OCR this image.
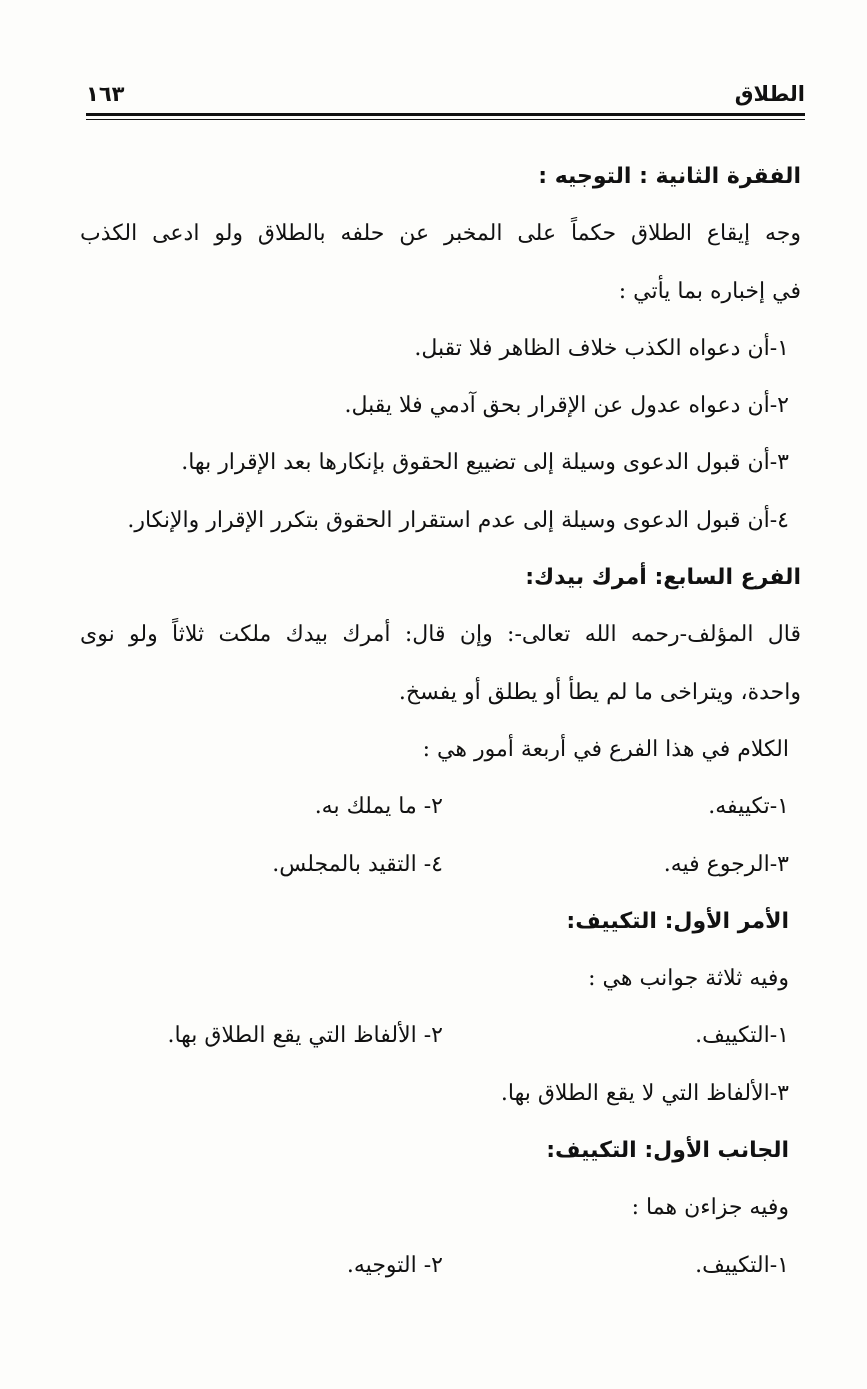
الطلاق
١٦٣
الفقرة الثانية : التوجيه :
وجه إيقاع الطلاق حكماً على المخبر عن حلفه بالطلاق ولو ادعى الكذب
في إخباره بما يأتي :
١-أن دعواه الكذب خلاف الظاهر فلا تقبل.
٢-أن دعواه عدول عن الإقرار بحق آدمي فلا يقبل.
٣-أن قبول الدعوى وسيلة إلى تضييع الحقوق بإنكارها بعد الإقرار بها.
٤-أن قبول الدعوى وسيلة إلى عدم استقرار الحقوق بتكرر الإقرار والإنكار.
الفرع السابع: أمرك بيدك:
قال المؤلف-رحمه الله تعالى-: وإن قال: أمرك بيدك ملكت ثلاثاً ولو نوى
واحدة، ويتراخى ما لم يطأ أو يطلق أو يفسخ.
الكلام في هذا الفرع في أربعة أمور هي :
١-تكييفه.
٢- ما يملك به.
٣-الرجوع فيه.
٤- التقيد بالمجلس.
الأمر الأول: التكييف:
وفيه ثلاثة جوانب هي :
١-التكييف.
٢- الألفاظ التي يقع الطلاق بها.
٣-الألفاظ التي لا يقع الطلاق بها.
الجانب الأول: التكييف:
وفيه جزاءن هما :
١-التكييف.
٢- التوجيه.
